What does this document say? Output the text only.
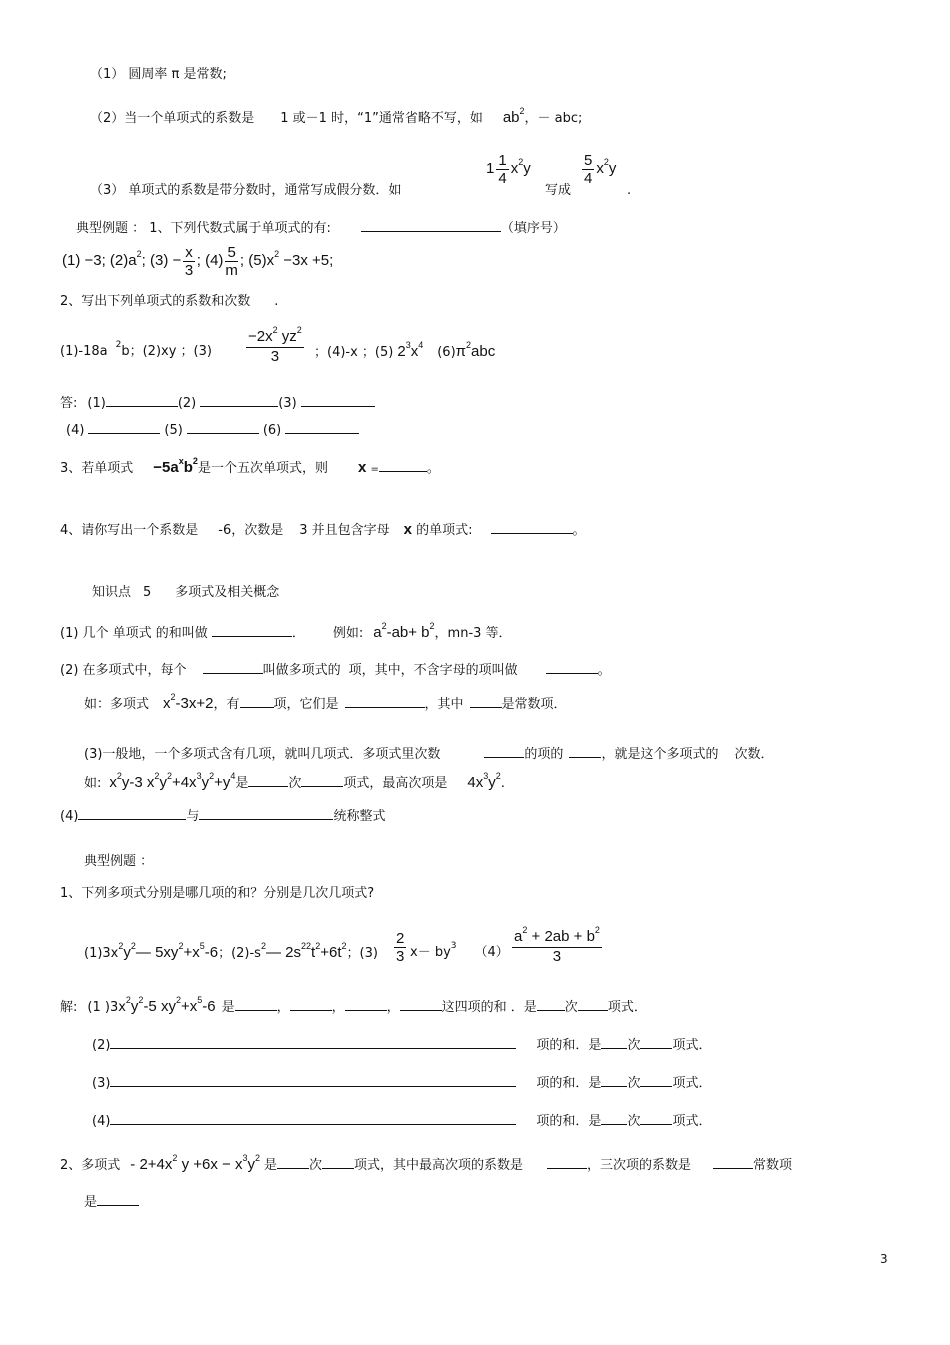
（1） 圆周率 π 是常数;
（2）当一个单项式的系数是 1 或－1 时，“1”通常省略不写，如 $ab^2$，－ abc;
$1 \frac{1}{4} x^2y$	$\frac{5}{4} x^2y$
（3） 单项式的系数是带分数时，通常写成假分数．如	写成	.
典型例题 ： 1、下列代数式属于单项式的有:	（填序号）
(1) −3; $(2)a^2$; $(3) - \frac{x}{3}$ ; $(4) \frac{5}{m}$ ; $(5)x^2 -3x +5$;
2、写出下列单项式的系数和次数 .
(1)-18a $^2$b；(2)xy ；$(3) \frac{-2x^2 yz^2}{3}$ ；(4)-x ；(5) $2^3x^4$ $(6)\pi^2abc$
答: (1)	(2)	(3)
(4)	(5)	(6)
3、若单项式 $-5a^xb^2$是一个五次单项式，则 x =	。
4、请你写出一个系数是 -6，次数是 3 并且包含字母 x 的单项式:	。
知识点 5 多项式及相关概念
(1) 几个 单项式 的和叫做	． 例如: $a^2-ab+ b^2$，mn-3 等．
(2) 在多项式中，每个	叫做多项式的 项，其中，不含字母的项叫做	。
如：多项式 $x^2-3x+2$，有	项，它们是	，其中	是常数项．
(3)一般地，一个多项式含有几项，就叫几项式．多项式里次数	的项的	，就是这个多项式的 次数．
如: $x^2y-3$ $x^2y^2+4x^3y^2+y^4$是	次	项式，最高次项是 $4x^3y^2$.
(4)	与	统称整式
典型例题 ：
1、下列多项式分别是哪几项的和？分别是几次几项式?
$(1)3x^2y^2—$ $5xy^2+x^5-6$；$(2)-s^2—$ $2s^{22}t^2+6t^2$；$(3) \frac{2}{3} x- by^3$ $(4) \frac{a^2 + 2ab + b^2}{3}$
解: (1 )$3x^2y^2-5$ $xy^2+x^5-6$ 是	，	，	，	这四项的和 ．是 次 项式．
(2)	项的和．是 次 项式．
(3)	项的和．是 次 项式．
(4)	项的和．是 次 项式．
2、多项式 - $2+4x^2$ $y +6x - x^3y^2$ 是 次 项式，其中最高次项的系数是	，三次项的系数是	常数项
是
3
